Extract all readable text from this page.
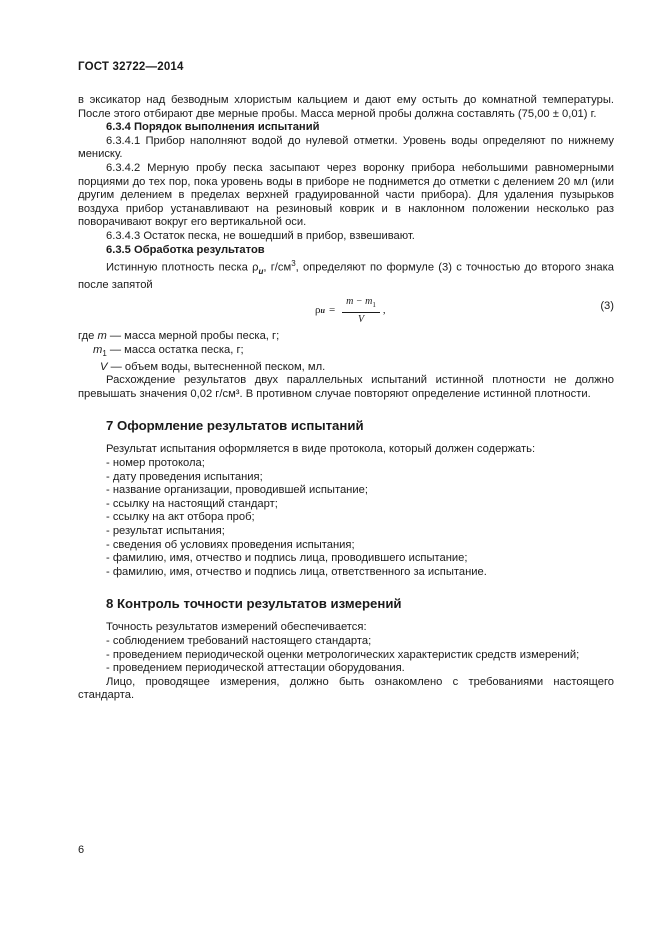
ГОСТ 32722—2014

в эксикатор над безводным хлористым кальцием и дают ему остыть до комнатной температуры. После этого отбирают две мерные пробы. Масса мерной пробы должна составлять (75,00 ± 0,01) г.

6.3.4 Порядок выполнения испытаний

6.3.4.1 Прибор наполняют водой до нулевой отметки. Уровень воды определяют по нижнему мениску.

6.3.4.2 Мерную пробу песка засыпают через воронку прибора небольшими равномерными порциями до тех пор, пока уровень воды в приборе не поднимется до отметки с делением 20 мл (или другим делением в пределах верхней градуированной части прибора). Для удаления пузырьков воздуха прибор устанавливают на резиновый коврик и в наклонном положении несколько раз поворачивают вокруг его вертикальной оси.

6.3.4.3 Остаток песка, не вошедший в прибор, взвешивают.

6.3.5 Обработка результатов

Истинную плотность песка $\rho_и$, $г/см^3$, определяют по формуле (3) с точностью до второго знака после запятой

ρ $и = \frac{m - m_1}{V}$ ,	(3)

где m — масса мерной пробы песка, г;

$m_1$ — масса остатка песка, г;

V — объем воды, вытесненной песком, мл.

Расхождение результатов двух параллельных испытаний истинной плотности не должно превышать значения 0,02 г/см³. В противном случае повторяют определение истинной плотности.

7 Оформление результатов испытаний

Результат испытания оформляется в виде протокола, который должен содержать:

- номер протокола;

- дату проведения испытания;

- название организации, проводившей испытание;

- ссылку на настоящий стандарт;

- ссылку на акт отбора проб;

- результат испытания;

- сведения об условиях проведения испытания;

- фамилию, имя, отчество и подпись лица, проводившего испытание;

- фамилию, имя, отчество и подпись лица, ответственного за испытание.

8 Контроль точности результатов измерений

Точность результатов измерений обеспечивается:

- соблюдением требований настоящего стандарта;

- проведением периодической оценки метрологических характеристик средств измерений;

- проведением периодической аттестации оборудования.

Лицо, проводящее измерения, должно быть ознакомлено с требованиями настоящего стандарта.

6
